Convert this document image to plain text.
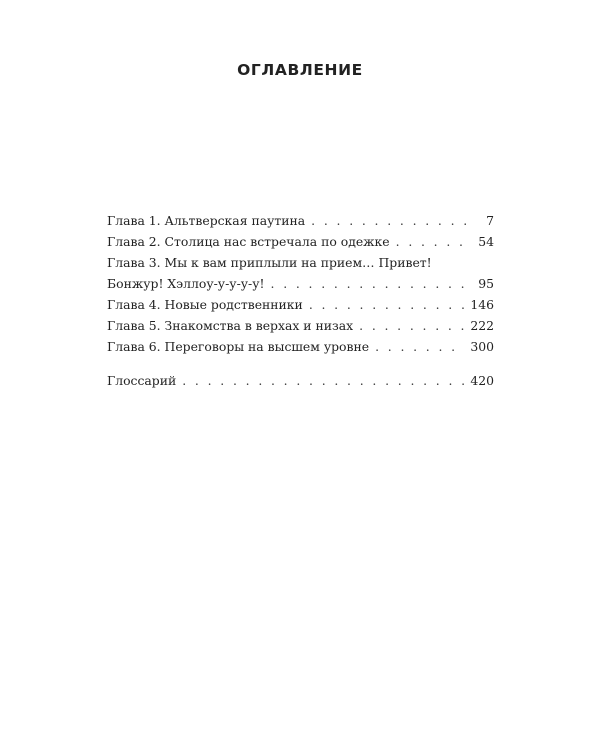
ОГЛАВЛЕНИЕ
Глава 1. Альтверская паутина . . .	7
Глава 2. Столица нас встречала по одежке . . .	54
Глава 3. Мы к вам приплыли на прием… Привет!
Бонжур! Хэллоу-у-у-у-у! . . .	95
Глава 4. Новые родственники . . .	146
Глава 5. Знакомства в верхах и низах . . .	222
Глава 6. Переговоры на высшем уровне . . .	300
Глоссарий . . .	420
